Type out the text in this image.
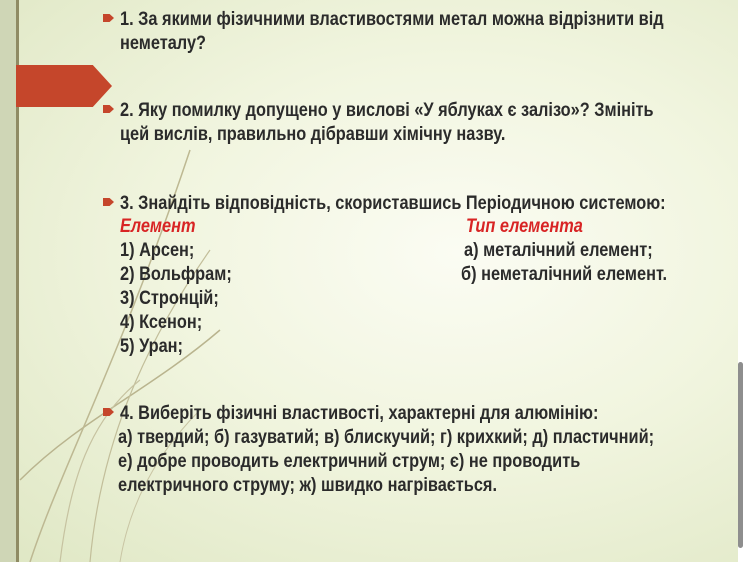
1. За якими фізичними властивостями метал можна відрізнити від
неметалу?
2. Яку помилку допущено у вислові «У яблуках є залізо»? Змініть
цей вислів, правильно дібравши хімічну назву.
3. Знайдіть відповідність, скориставшись Періодичною системою:
Елемент	Тип елемента
1) Арсен;
2) Вольфрам;
3) Стронцій;
4) Ксенон;
5) Уран;
а) металічний елемент;
б) неметалічний елемент.
4. Виберіть фізичні властивості, характерні для алюмінію:
а) твердий; б) газуватий; в) блискучий; г) крихкий; д) пластичний;
е) добре проводить електричний струм; є) не проводить
електричного струму; ж) швидко нагрівається.
